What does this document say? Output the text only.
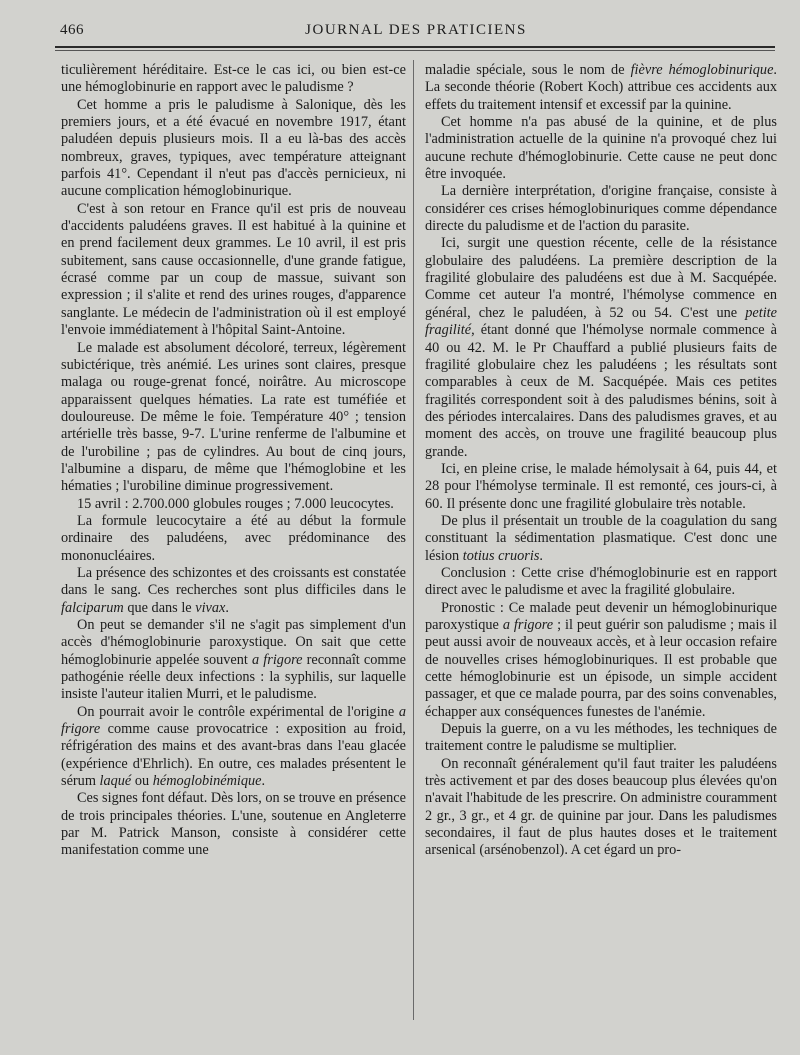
466	JOURNAL DES PRATICIENS

ticulièrement héréditaire. Est-ce le cas ici, ou bien est-ce une hémoglobinurie en rapport avec le paludisme ?

Cet homme a pris le paludisme à Salonique, dès les premiers jours, et a été évacué en novembre 1917, étant paludéen depuis plusieurs mois. Il a eu là-bas des accès nombreux, graves, typiques, avec température atteignant parfois 41°. Cependant il n'eut pas d'accès pernicieux, ni aucune complication hémoglobinurique.

C'est à son retour en France qu'il est pris de nouveau d'accidents paludéens graves. Il est habitué à la quinine et en prend facilement deux grammes. Le 10 avril, il est pris subitement, sans cause occasionnelle, d'une grande fatigue, écrasé comme par un coup de massue, suivant son expression ; il s'alite et rend des urines rouges, d'apparence sanglante. Le médecin de l'administration où il est employé l'envoie immédiatement à l'hôpital Saint-Antoine.

Le malade est absolument décoloré, terreux, légèrement subictérique, très anémié. Les urines sont claires, presque malaga ou rouge-grenat foncé, noirâtre. Au microscope apparaissent quelques hématies. La rate est tuméfiée et douloureuse. De même le foie. Température 40° ; tension artérielle très basse, 9-7. L'urine renferme de l'albumine et de l'urobiline ; pas de cylindres. Au bout de cinq jours, l'albumine a disparu, de même que l'hémoglobine et les hématies ; l'urobiline diminue progressivement.

15 avril : 2.700.000 globules rouges ; 7.000 leucocytes.

La formule leucocytaire a été au début la formule ordinaire des paludéens, avec prédominance des mononucléaires.

La présence des schizontes et des croissants est constatée dans le sang. Ces recherches sont plus difficiles dans le falciparum que dans le vivax.

On peut se demander s'il ne s'agit pas simplement d'un accès d'hémoglobinurie paroxystique. On sait que cette hémoglobinurie appelée souvent a frigore reconnaît comme pathogénie réelle deux infections : la syphilis, sur laquelle insiste l'auteur italien Murri, et le paludisme.

On pourrait avoir le contrôle expérimental de l'origine a frigore comme cause provocatrice : exposition au froid, réfrigération des mains et des avant-bras dans l'eau glacée (expérience d'Ehrlich). En outre, ces malades présentent le sérum laqué ou hémoglobinémique.

Ces signes font défaut. Dès lors, on se trouve en présence de trois principales théories. L'une, soutenue en Angleterre par M. Patrick Manson, consiste à considérer cette manifestation comme une

maladie spéciale, sous le nom de fièvre hémoglobinurique. La seconde théorie (Robert Koch) attribue ces accidents aux effets du traitement intensif et excessif par la quinine.

Cet homme n'a pas abusé de la quinine, et de plus l'administration actuelle de la quinine n'a provoqué chez lui aucune rechute d'hémoglobinurie. Cette cause ne peut donc être invoquée.

La dernière interprétation, d'origine française, consiste à considérer ces crises hémoglobinuriques comme dépendance directe du paludisme et de l'action du parasite.

Ici, surgit une question récente, celle de la résistance globulaire des paludéens. La première description de la fragilité globulaire des paludéens est due à M. Sacquépée. Comme cet auteur l'a montré, l'hémolyse commence en général, chez le paludéen, à 52 ou 54. C'est une petite fragilité, étant donné que l'hémolyse normale commence à 40 ou 42. M. le Pr Chauffard a publié plusieurs faits de fragilité globulaire chez les paludéens ; les résultats sont comparables à ceux de M. Sacquépée. Mais ces petites fragilités correspondent soit à des paludismes bénins, soit à des périodes intercalaires. Dans des paludismes graves, et au moment des accès, on trouve une fragilité beaucoup plus grande.

Ici, en pleine crise, le malade hémolysait à 64, puis 44, et 28 pour l'hémolyse terminale. Il est remonté, ces jours-ci, à 60. Il présente donc une fragilité globulaire très notable.

De plus il présentait un trouble de la coagulation du sang constituant la sédimentation plasmatique. C'est donc une lésion totius cruoris.

Conclusion : Cette crise d'hémoglobinurie est en rapport direct avec le paludisme et avec la fragilité globulaire.

Pronostic : Ce malade peut devenir un hémoglobinurique paroxystique a frigore ; il peut guérir son paludisme ; mais il peut aussi avoir de nouveaux accès, et à leur occasion refaire de nouvelles crises hémoglobinuriques. Il est probable que cette hémoglobinurie est un épisode, un simple accident passager, et que ce malade pourra, par des soins convenables, échapper aux conséquences funestes de l'anémie.

Depuis la guerre, on a vu les méthodes, les techniques de traitement contre le paludisme se multiplier.

On reconnaît généralement qu'il faut traiter les paludéens très activement et par des doses beaucoup plus élevées qu'on n'avait l'habitude de les prescrire. On administre couramment 2 gr., 3 gr., et 4 gr. de quinine par jour. Dans les paludismes secondaires, il faut de plus hautes doses et le traitement arsenical (arsénobenzol). A cet égard un pro-
